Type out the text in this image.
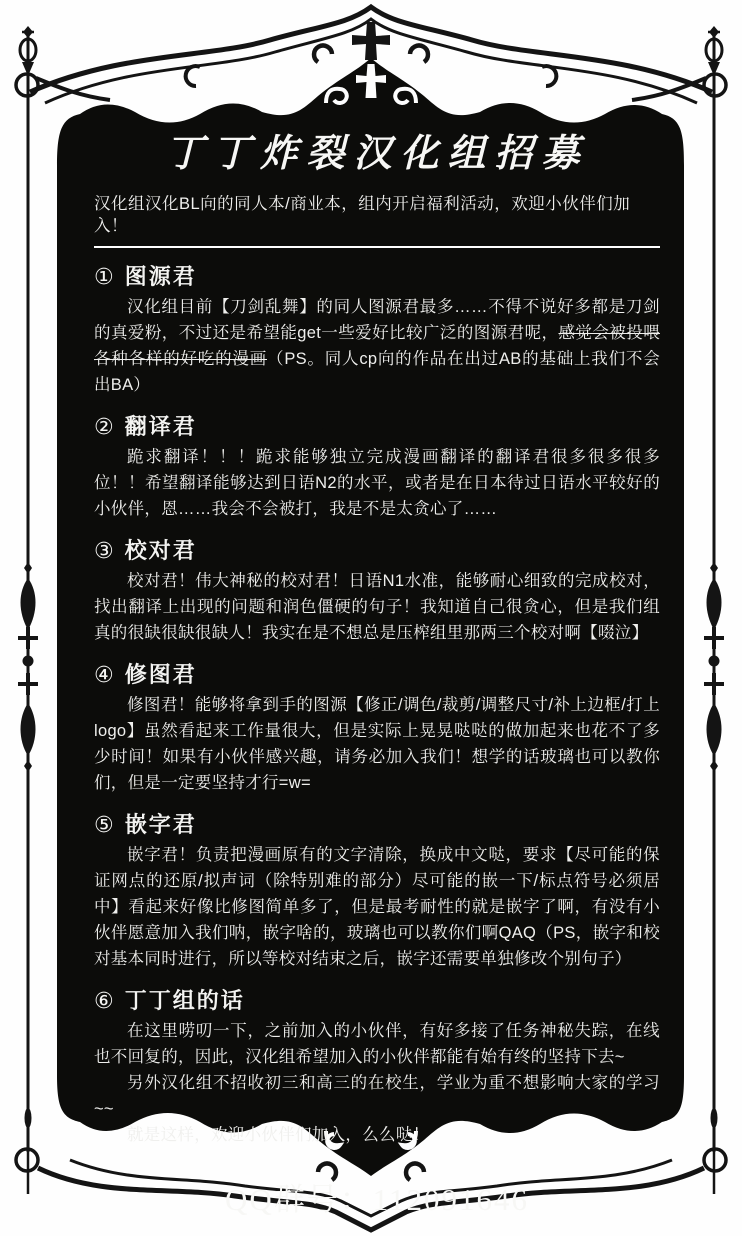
丁丁炸裂汉化组招募
汉化组汉化BL向的同人本/商业本，组内开启福利活动，欢迎小伙伴们加入！
① 图源君
汉化组目前【刀剑乱舞】的同人图源君最多……不得不说好多都是刀剑的真爱粉，不过还是希望能get一些爱好比较广泛的图源君呢，感觉会被投喂各种各样的好吃的漫画（PS。同人cp向的作品在出过AB的基础上我们不会出BA）
② 翻译君
跪求翻译！！！跪求能够独立完成漫画翻译的翻译君很多很多很多位！！希望翻译能够达到日语N2的水平，或者是在日本待过日语水平较好的小伙伴，恩……我会不会被打，我是不是太贪心了……
③ 校对君
校对君！伟大神秘的校对君！日语N1水准，能够耐心细致的完成校对，找出翻译上出现的问题和润色僵硬的句子！我知道自己很贪心，但是我们组真的很缺很缺很缺人！我实在是不想总是压榨组里那两三个校对啊【啜泣】
④ 修图君
修图君！能够将拿到手的图源【修正/调色/裁剪/调整尺寸/补上边框/打上logo】虽然看起来工作量很大，但是实际上晃晃哒哒的做加起来也花不了多少时间！如果有小伙伴感兴趣，请务必加入我们！想学的话玻璃也可以教你们，但是一定要坚持才行=w=
⑤ 嵌字君
嵌字君！负责把漫画原有的文字清除，换成中文哒，要求【尽可能的保证网点的还原/拟声词（除特别难的部分）尽可能的嵌一下/标点符号必须居中】看起来好像比修图简单多了，但是最考耐性的就是嵌字了啊，有没有小伙伴愿意加入我们呐，嵌字啥的，玻璃也可以教你们啊QAQ（PS，嵌字和校对基本同时进行，所以等校对结束之后，嵌字还需要单独修改个别句子）
⑥ 丁丁组的话

在这里唠叨一下，之前加入的小伙伴，有好多接了任务神秘失踪，在线也不回复的，因此，汉化组希望加入的小伙伴都能有始有终的坚持下去~

另外汉化组不招收初三和高三的在校生，学业为重不想影响大家的学习~~

就是这样，欢迎小伙伴们加入，么么哒！

QQ群号：112091646
